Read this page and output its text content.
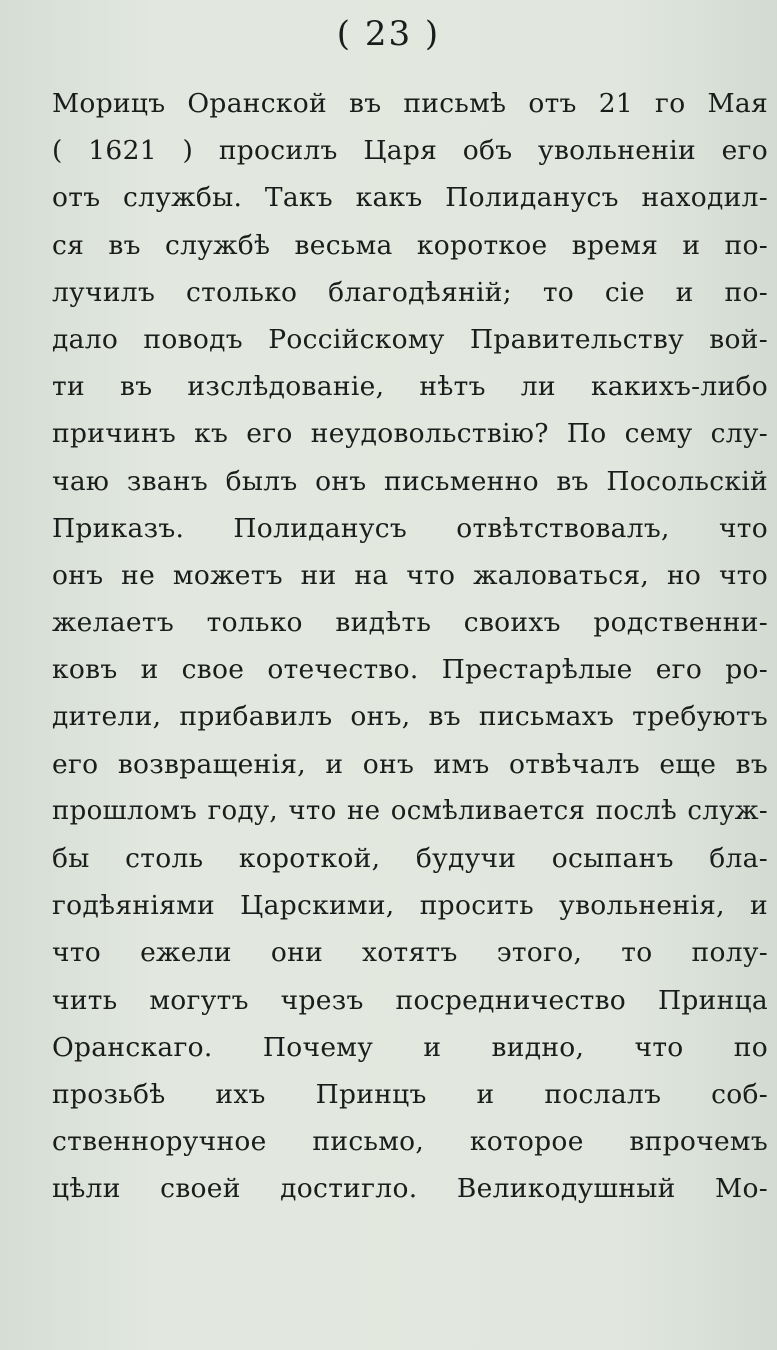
( 23 )
Морицъ Оранской въ письмѣ отъ 21 го Мая
( 1621 ) просилъ Царя объ увольненіи его
отъ службы. Такъ какъ Полиданусъ находил-
ся въ службѣ весьма короткое время и по-
лучилъ столько благодѣяній; то сіе и по-
дало поводъ Россійскому Правительству вой-
ти въ изслѣдованіе, нѣтъ ли какихъ-либо
причинъ къ его неудовольствію? По сему слу-
чаю званъ былъ онъ письменно въ Посольскій
Приказъ. Полиданусъ отвѣтствовалъ, что
онъ не можетъ ни на что жаловаться, но что
желаетъ только видѣть своихъ родственни-
ковъ и свое отечество. Престарѣлые его ро-
дители, прибавилъ онъ, въ письмахъ требуютъ
его возвращенія, и онъ имъ отвѣчалъ еще въ
прошломъ году, что не осмѣливается послѣ служ-
бы столь короткой, будучи осыпанъ бла-
годѣяніями Царскими, просить увольненія, и
что ежели они хотятъ этого, то полу-
чить могутъ чрезъ посредничество Принца
Оранскаго. Почему и видно, что по
прозьбѣ ихъ Принцъ и послалъ соб-
ственноручное письмо, которое впрочемъ
цѣли своей достигло. Великодушный Мо-
